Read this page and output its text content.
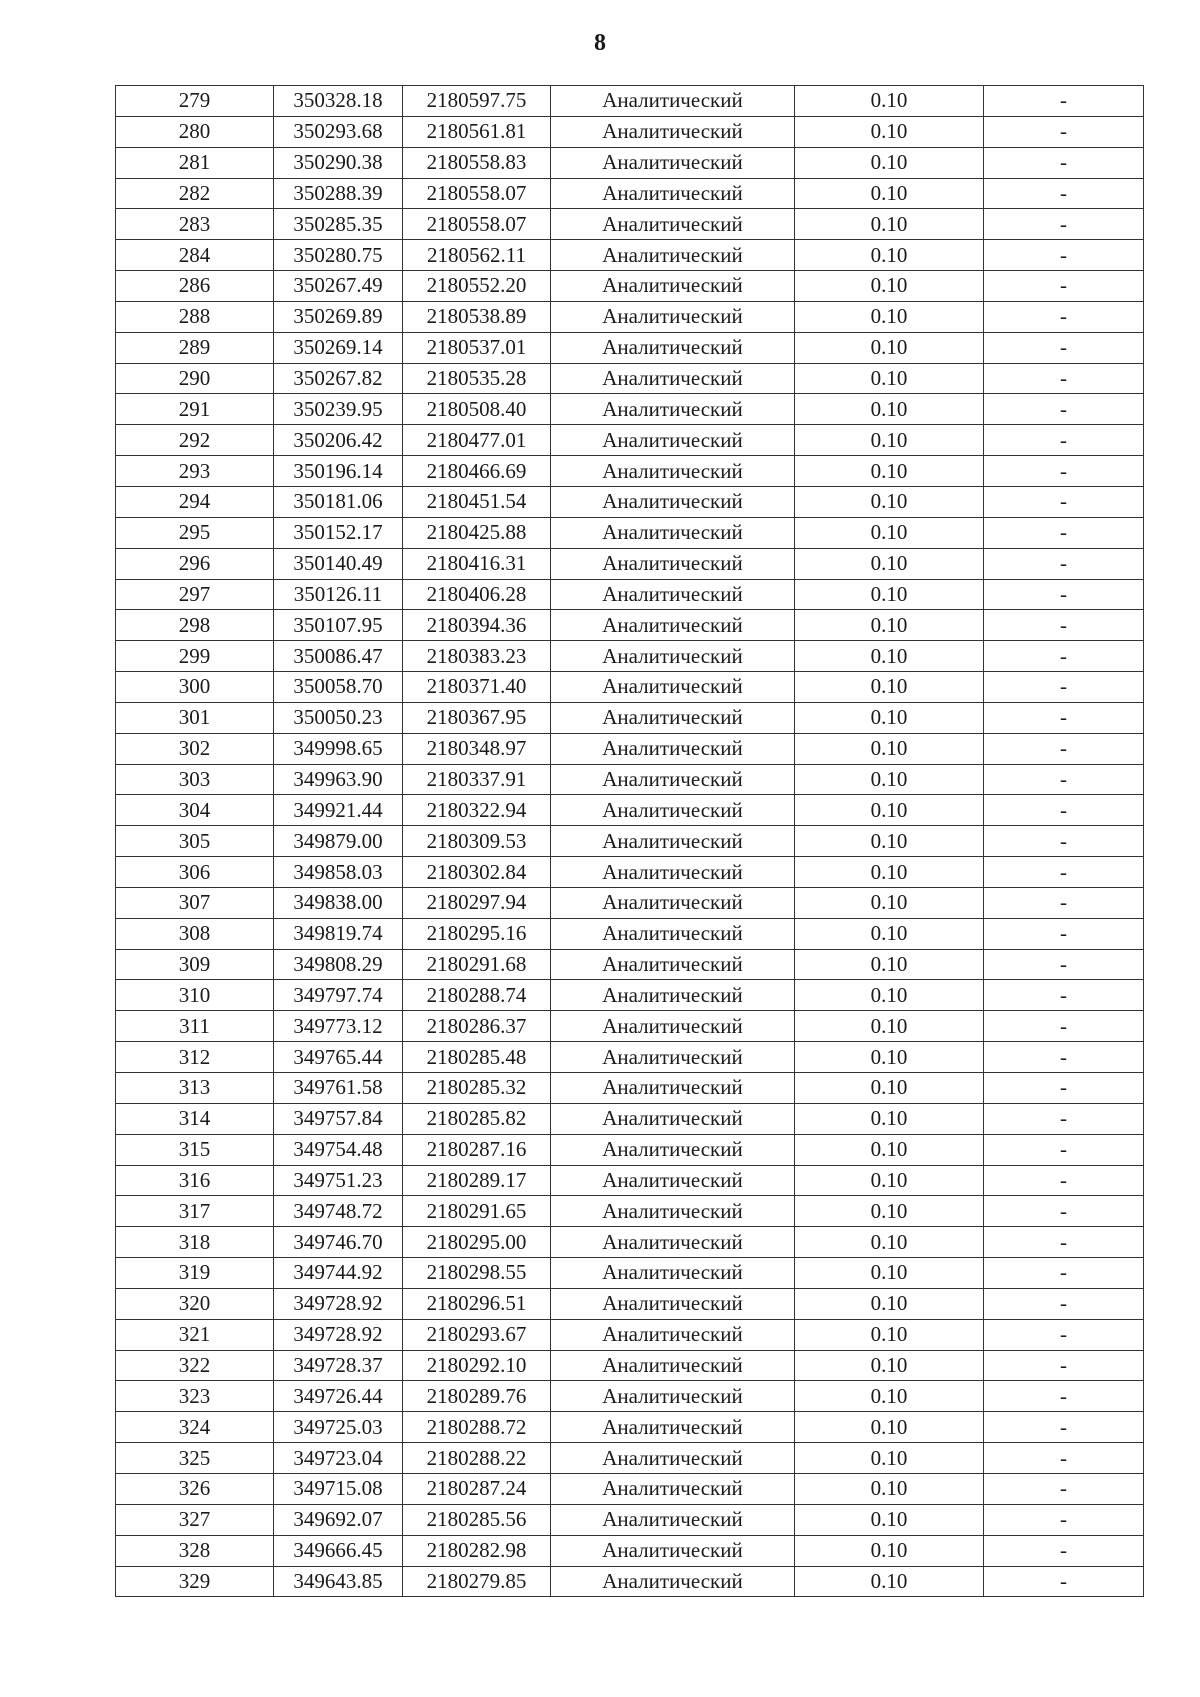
8
279	350328.18	2180597.75	Аналитический	0.10	-
280	350293.68	2180561.81	Аналитический	0.10	-
281	350290.38	2180558.83	Аналитический	0.10	-
282	350288.39	2180558.07	Аналитический	0.10	-
283	350285.35	2180558.07	Аналитический	0.10	-
284	350280.75	2180562.11	Аналитический	0.10	-
286	350267.49	2180552.20	Аналитический	0.10	-
288	350269.89	2180538.89	Аналитический	0.10	-
289	350269.14	2180537.01	Аналитический	0.10	-
290	350267.82	2180535.28	Аналитический	0.10	-
291	350239.95	2180508.40	Аналитический	0.10	-
292	350206.42	2180477.01	Аналитический	0.10	-
293	350196.14	2180466.69	Аналитический	0.10	-
294	350181.06	2180451.54	Аналитический	0.10	-
295	350152.17	2180425.88	Аналитический	0.10	-
296	350140.49	2180416.31	Аналитический	0.10	-
297	350126.11	2180406.28	Аналитический	0.10	-
298	350107.95	2180394.36	Аналитический	0.10	-
299	350086.47	2180383.23	Аналитический	0.10	-
300	350058.70	2180371.40	Аналитический	0.10	-
301	350050.23	2180367.95	Аналитический	0.10	-
302	349998.65	2180348.97	Аналитический	0.10	-
303	349963.90	2180337.91	Аналитический	0.10	-
304	349921.44	2180322.94	Аналитический	0.10	-
305	349879.00	2180309.53	Аналитический	0.10	-
306	349858.03	2180302.84	Аналитический	0.10	-
307	349838.00	2180297.94	Аналитический	0.10	-
308	349819.74	2180295.16	Аналитический	0.10	-
309	349808.29	2180291.68	Аналитический	0.10	-
310	349797.74	2180288.74	Аналитический	0.10	-
311	349773.12	2180286.37	Аналитический	0.10	-
312	349765.44	2180285.48	Аналитический	0.10	-
313	349761.58	2180285.32	Аналитический	0.10	-
314	349757.84	2180285.82	Аналитический	0.10	-
315	349754.48	2180287.16	Аналитический	0.10	-
316	349751.23	2180289.17	Аналитический	0.10	-
317	349748.72	2180291.65	Аналитический	0.10	-
318	349746.70	2180295.00	Аналитический	0.10	-
319	349744.92	2180298.55	Аналитический	0.10	-
320	349728.92	2180296.51	Аналитический	0.10	-
321	349728.92	2180293.67	Аналитический	0.10	-
322	349728.37	2180292.10	Аналитический	0.10	-
323	349726.44	2180289.76	Аналитический	0.10	-
324	349725.03	2180288.72	Аналитический	0.10	-
325	349723.04	2180288.22	Аналитический	0.10	-
326	349715.08	2180287.24	Аналитический	0.10	-
327	349692.07	2180285.56	Аналитический	0.10	-
328	349666.45	2180282.98	Аналитический	0.10	-
329	349643.85	2180279.85	Аналитический	0.10	-
